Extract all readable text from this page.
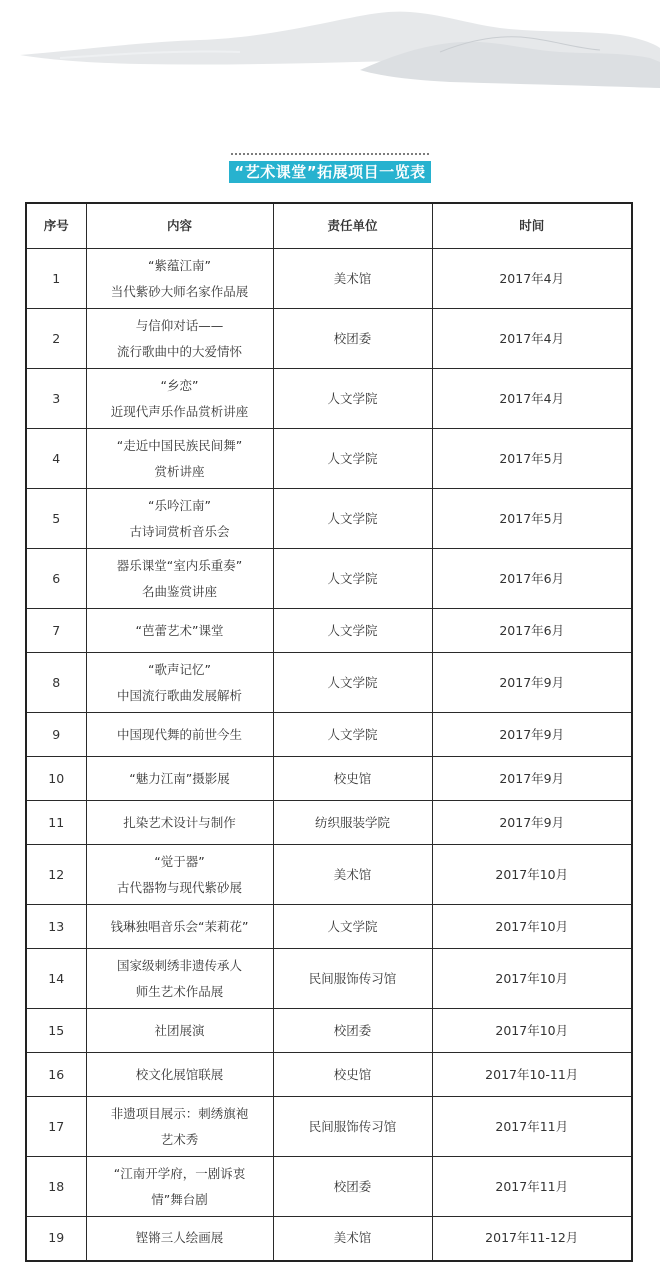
“艺术课堂”拓展项目一览表
序号	内容	责任单位	时间
1	“紫蕴江南”
当代紫砂大师名家作品展	美术馆	2017年4月
2	与信仰对话——
流行歌曲中的大爱情怀	校团委	2017年4月
3	“乡恋”
近现代声乐作品赏析讲座	人文学院	2017年4月
4	“走近中国民族民间舞”
赏析讲座	人文学院	2017年5月
5	“乐吟江南”
古诗词赏析音乐会	人文学院	2017年5月
6	器乐课堂“室内乐重奏”
名曲鉴赏讲座	人文学院	2017年6月
7	“芭蕾艺术”课堂	人文学院	2017年6月
8	“歌声记忆”
中国流行歌曲发展解析	人文学院	2017年9月
9	中国现代舞的前世今生	人文学院	2017年9月
10	“魅力江南”摄影展	校史馆	2017年9月
11	扎染艺术设计与制作	纺织服装学院	2017年9月
12	“觉于器”
古代器物与现代紫砂展	美术馆	2017年10月
13	钱琳独唱音乐会“茉莉花”	人文学院	2017年10月
14	国家级刺绣非遗传承人
师生艺术作品展	民间服饰传习馆	2017年10月
15	社团展演	校团委	2017年10月
16	校文化展馆联展	校史馆	2017年10-11月
17	非遗项目展示：刺绣旗袍
艺术秀	民间服饰传习馆	2017年11月
18	“江南开学府，一剧诉衷
情”舞台剧	校团委	2017年11月
19	铿锵三人绘画展	美术馆	2017年11-12月
